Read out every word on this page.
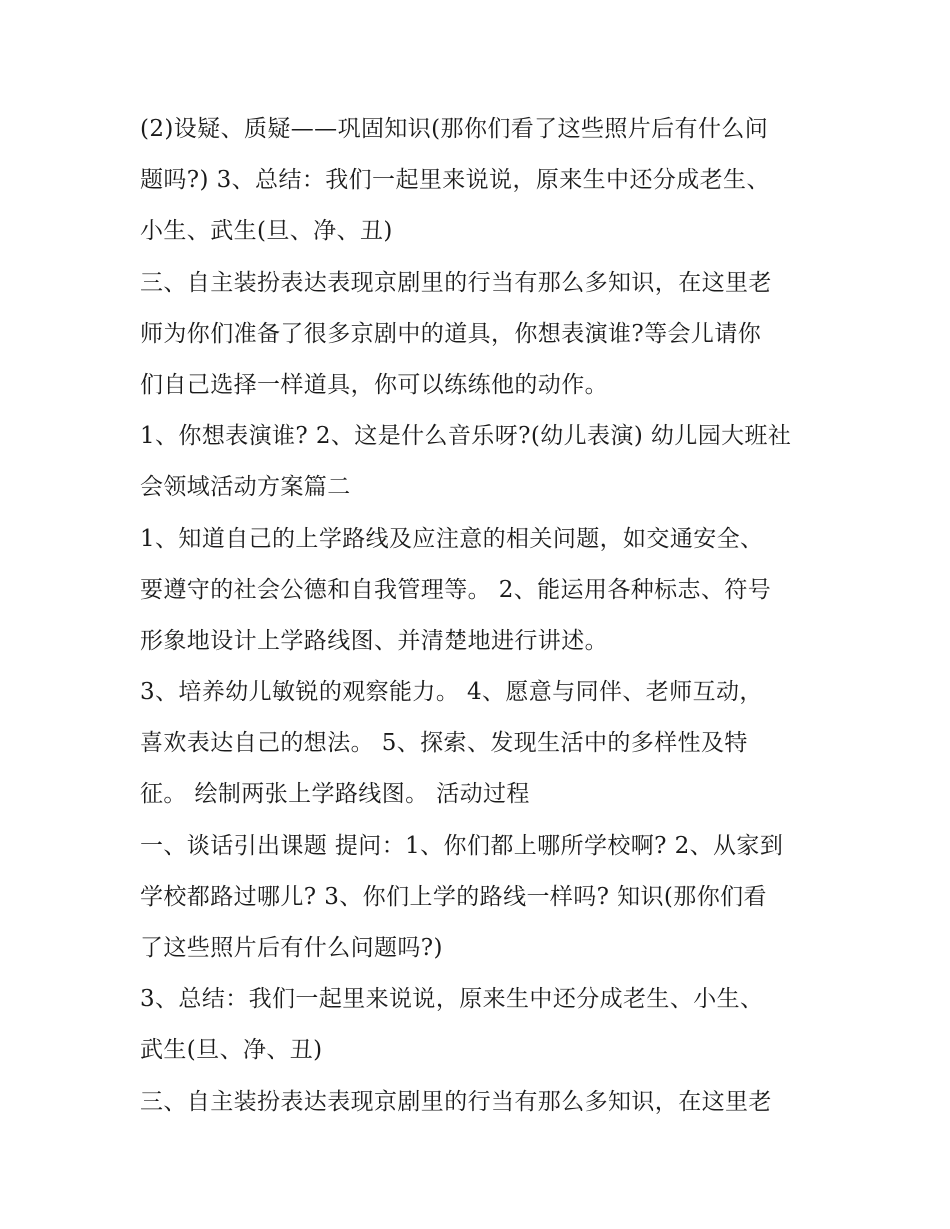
(2)设疑、质疑——巩固知识(那你们看了这些照片后有什么问
题吗?) 3、总结：我们一起里来说说，原来生中还分成老生、
小生、武生(旦、净、丑)
三、自主装扮表达表现京剧里的行当有那么多知识，在这里老
师为你们准备了很多京剧中的道具，你想表演谁?等会儿请你
们自己选择一样道具，你可以练练他的动作。
1、你想表演谁? 2、这是什么音乐呀?(幼儿表演) 幼儿园大班社
会领域活动方案篇二
1、知道自己的上学路线及应注意的相关问题，如交通安全、
要遵守的社会公德和自我管理等。 2、能运用各种标志、符号
形象地设计上学路线图、并清楚地进行讲述。
3、培养幼儿敏锐的观察能力。 4、愿意与同伴、老师互动，
喜欢表达自己的想法。 5、探索、发现生活中的多样性及特
征。 绘制两张上学路线图。 活动过程
一、谈话引出课题 提问：1、你们都上哪所学校啊? 2、从家到
学校都路过哪儿? 3、你们上学的路线一样吗? 知识(那你们看
了这些照片后有什么问题吗?)
3、总结：我们一起里来说说，原来生中还分成老生、小生、
武生(旦、净、丑)
三、自主装扮表达表现京剧里的行当有那么多知识，在这里老
